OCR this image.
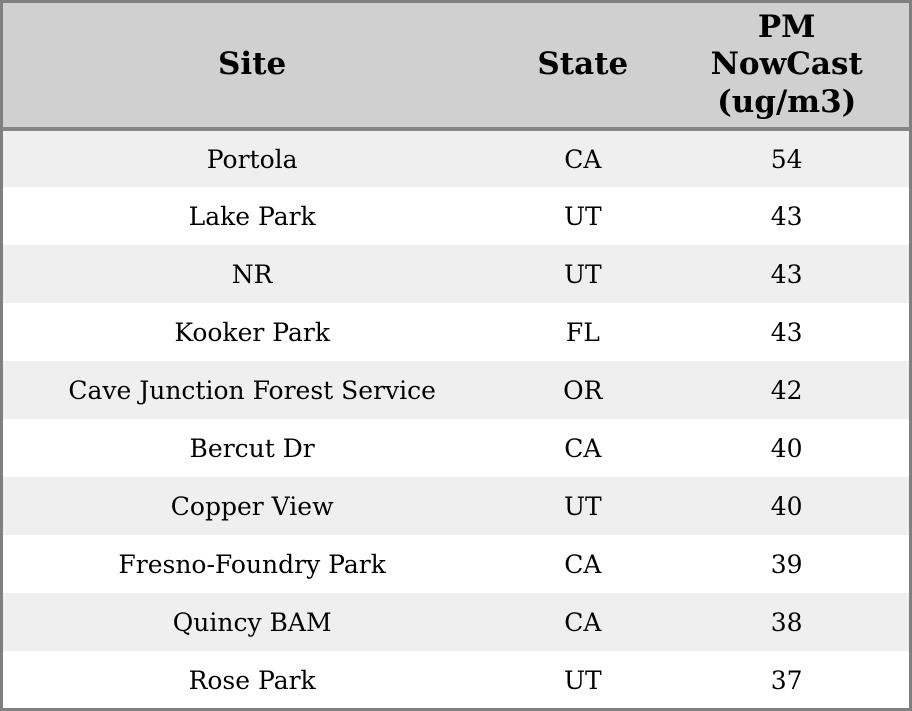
Site	State	PM NowCast (ug/m3)
Portola	CA	54
Lake Park	UT	43
NR	UT	43
Kooker Park	FL	43
Cave Junction Forest Service	OR	42
Bercut Dr	CA	40
Copper View	UT	40
Fresno-Foundry Park	CA	39
Quincy BAM	CA	38
Rose Park	UT	37
